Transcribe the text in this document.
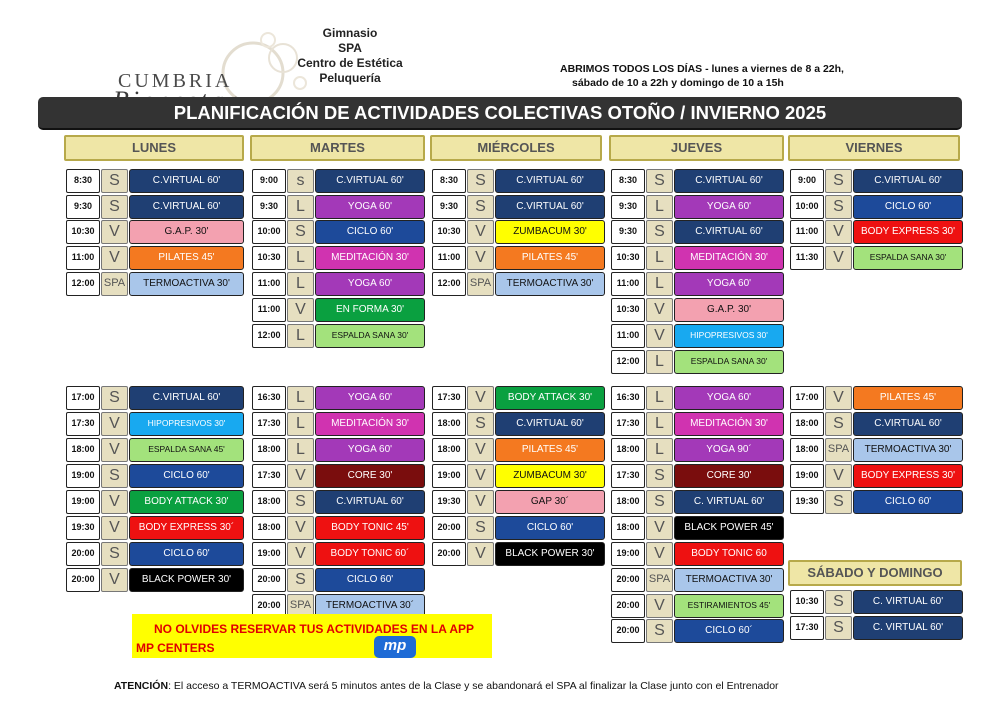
CUMBRIA
Gimnasio
SPA
Centro de Estética
Peluquería
ABRIMOS TODOS LOS DÍAS - lunes a viernes de 8 a 22h,
sábado de 10 a 22h y domingo de 10 a 15h
PLANIFICACIÓN DE ACTIVIDADES COLECTIVAS OTOÑO / INVIERNO 2025
LUNES
8:30	S	C.VIRTUAL 60'
9:30	S	C.VIRTUAL 60'
10:30 V	G.A.P. 30'
11:00 V	PILATES 45'
12:00 SPA	TERMOACTIVA 30'
17:00 S	C.VIRTUAL 60'
17:30 V	HIPOPRESIVOS 30'
18:00 V	ESPALDA SANA 45'
19:00 S	CICLO 60'
19:00 V	BODY ATTACK 30'
19:30 V	BODY EXPRESS 30´
20:00 S	CICLO 60'
20:00 V	BLACK POWER 30'
MARTES
9:00	s	C.VIRTUAL 60'
9:30	L	YOGA 60'
10:00 S	CICLO 60'
10:30 L	MEDITACIÓN 30'
11:00 L	YOGA 60'
11:00 V	EN FORMA 30'
12:00 L	ESPALDA SANA 30'
16:30 L	YOGA 60'
17:30 L	MEDITACIÓN 30'
18:00 L	YOGA 60'
17:30 V	CORE 30'
18:00 S	C.VIRTUAL 60'
18:00 V	BODY TONIC 45'
19:00 V	BODY TONIC 60´
20:00 S	CICLO 60'
20:00 SPA	TERMOACTIVA 30´
MIÉRCOLES
8:30	S	C.VIRTUAL 60'
9:30	S	C.VIRTUAL 60'
10:30 V	ZUMBACUM 30'
11:00 V	PILATES 45'
12:00 SPA	TERMOACTIVA 30'
17:30 V	BODY ATTACK 30'
18:00 S	C.VIRTUAL 60'
18:00 V	PILATES 45'
19:00 V	ZUMBACUM 30'
19:30 V	GAP 30´
20:00 S	CICLO 60'
20:00 V	BLACK POWER 30'
JUEVES
8:30	S	C.VIRTUAL 60'
9:30	L	YOGA 60'
9:30	S	C.VIRTUAL 60'
10:30 L	MEDITACIÓN 30'
11:00 L	YOGA 60'
10:30 V	G.A.P. 30'
11:00 V	HIPOPRESIVOS 30'
12:00 L	ESPALDA SANA 30'
16:30 L	YOGA 60'
17:30 L	MEDITACIÓN 30'
18:00 L	YOGA 90´
17:30 S	CORE 30'
18:00 S	C. VIRTUAL 60'
18:00 V	BLACK POWER 45'
19:00 V	BODY TONIC 60
20:00 SPA	TERMOACTIVA 30'
20:00 V	ESTIRAMIENTOS 45'
20:00 S	CICLO 60´
VIERNES
9:00	S	C.VIRTUAL 60'
10:00 S	CICLO 60'
11:00 V	BODY EXPRESS 30'
11:30 V	ESPALDA SANA 30'
17:00 V	PILATES 45'
18:00 S	C.VIRTUAL 60'
18:00 SPA	TERMOACTIVA 30'
19:00 V	BODY EXPRESS 30'
19:30 S	CICLO 60'
SÁBADO Y DOMINGO
10:30 S	C. VIRTUAL 60'
17:30 S	C. VIRTUAL 60'
NO OLVIDES RESERVAR TUS ACTIVIDADES EN LA APP
MP CENTERS	mp
ATENCIÓN: El acceso a TERMOACTIVA será 5 minutos antes de la Clase y se abandonará el SPA al finalizar la Clase junto con el Entrenador
